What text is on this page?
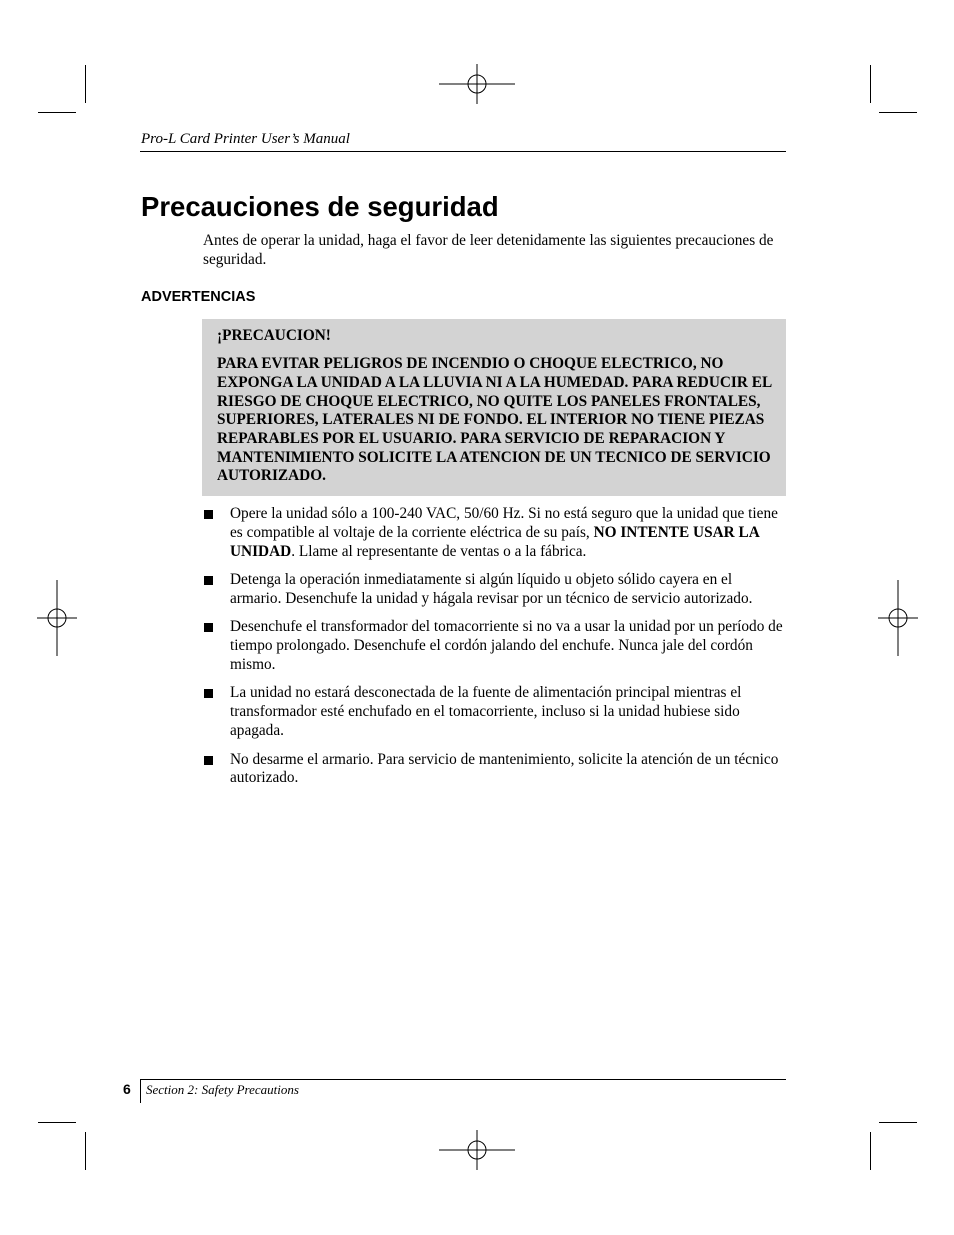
Pro-L Card Printer User’s Manual
Precauciones de seguridad

Antes de operar la unidad, haga el favor de leer detenidamente las siguientes precauciones de seguridad.

ADVERTENCIAS

¡PRECAUCION!

PARA EVITAR PELIGROS DE INCENDIO O CHOQUE ELECTRICO, NO EXPONGA LA UNIDAD A LA LLUVIA NI A LA HUMEDAD. PARA REDUCIR EL RIESGO DE CHOQUE ELECTRICO, NO QUITE LOS PANELES FRONTALES, SUPERIORES, LATERALES NI DE FONDO. EL INTERIOR NO TIENE PIEZAS REPARABLES POR EL USUARIO. PARA SERVICIO DE REPARACION Y MANTENIMIENTO SOLICITE LA ATENCION DE UN TECNICO DE SERVICIO AUTORIZADO.

Opere la unidad sólo a 100-240 VAC, 50/60 Hz. Si no está seguro que la unidad que tiene es compatible al voltaje de la corriente eléctrica de su país, NO INTENTE USAR LA UNIDAD. Llame al representante de ventas o a la fábrica.
Detenga la operación inmediatamente si algún líquido u objeto sólido cayera en el armario. Desenchufe la unidad y hágala revisar por un técnico de servicio autorizado.
Desenchufe el transformador del tomacorriente si no va a usar la unidad por un período de tiempo prolongado. Desenchufe el cordón jalando del enchufe. Nunca jale del cordón mismo.
La unidad no estará desconectada de la fuente de alimentación principal mientras el transformador esté enchufado en el tomacorriente, incluso si la unidad hubiese sido apagada.
No desarme el armario. Para servicio de mantenimiento, solicite la atención de un técnico autorizado.
6 Section 2: Safety Precautions
